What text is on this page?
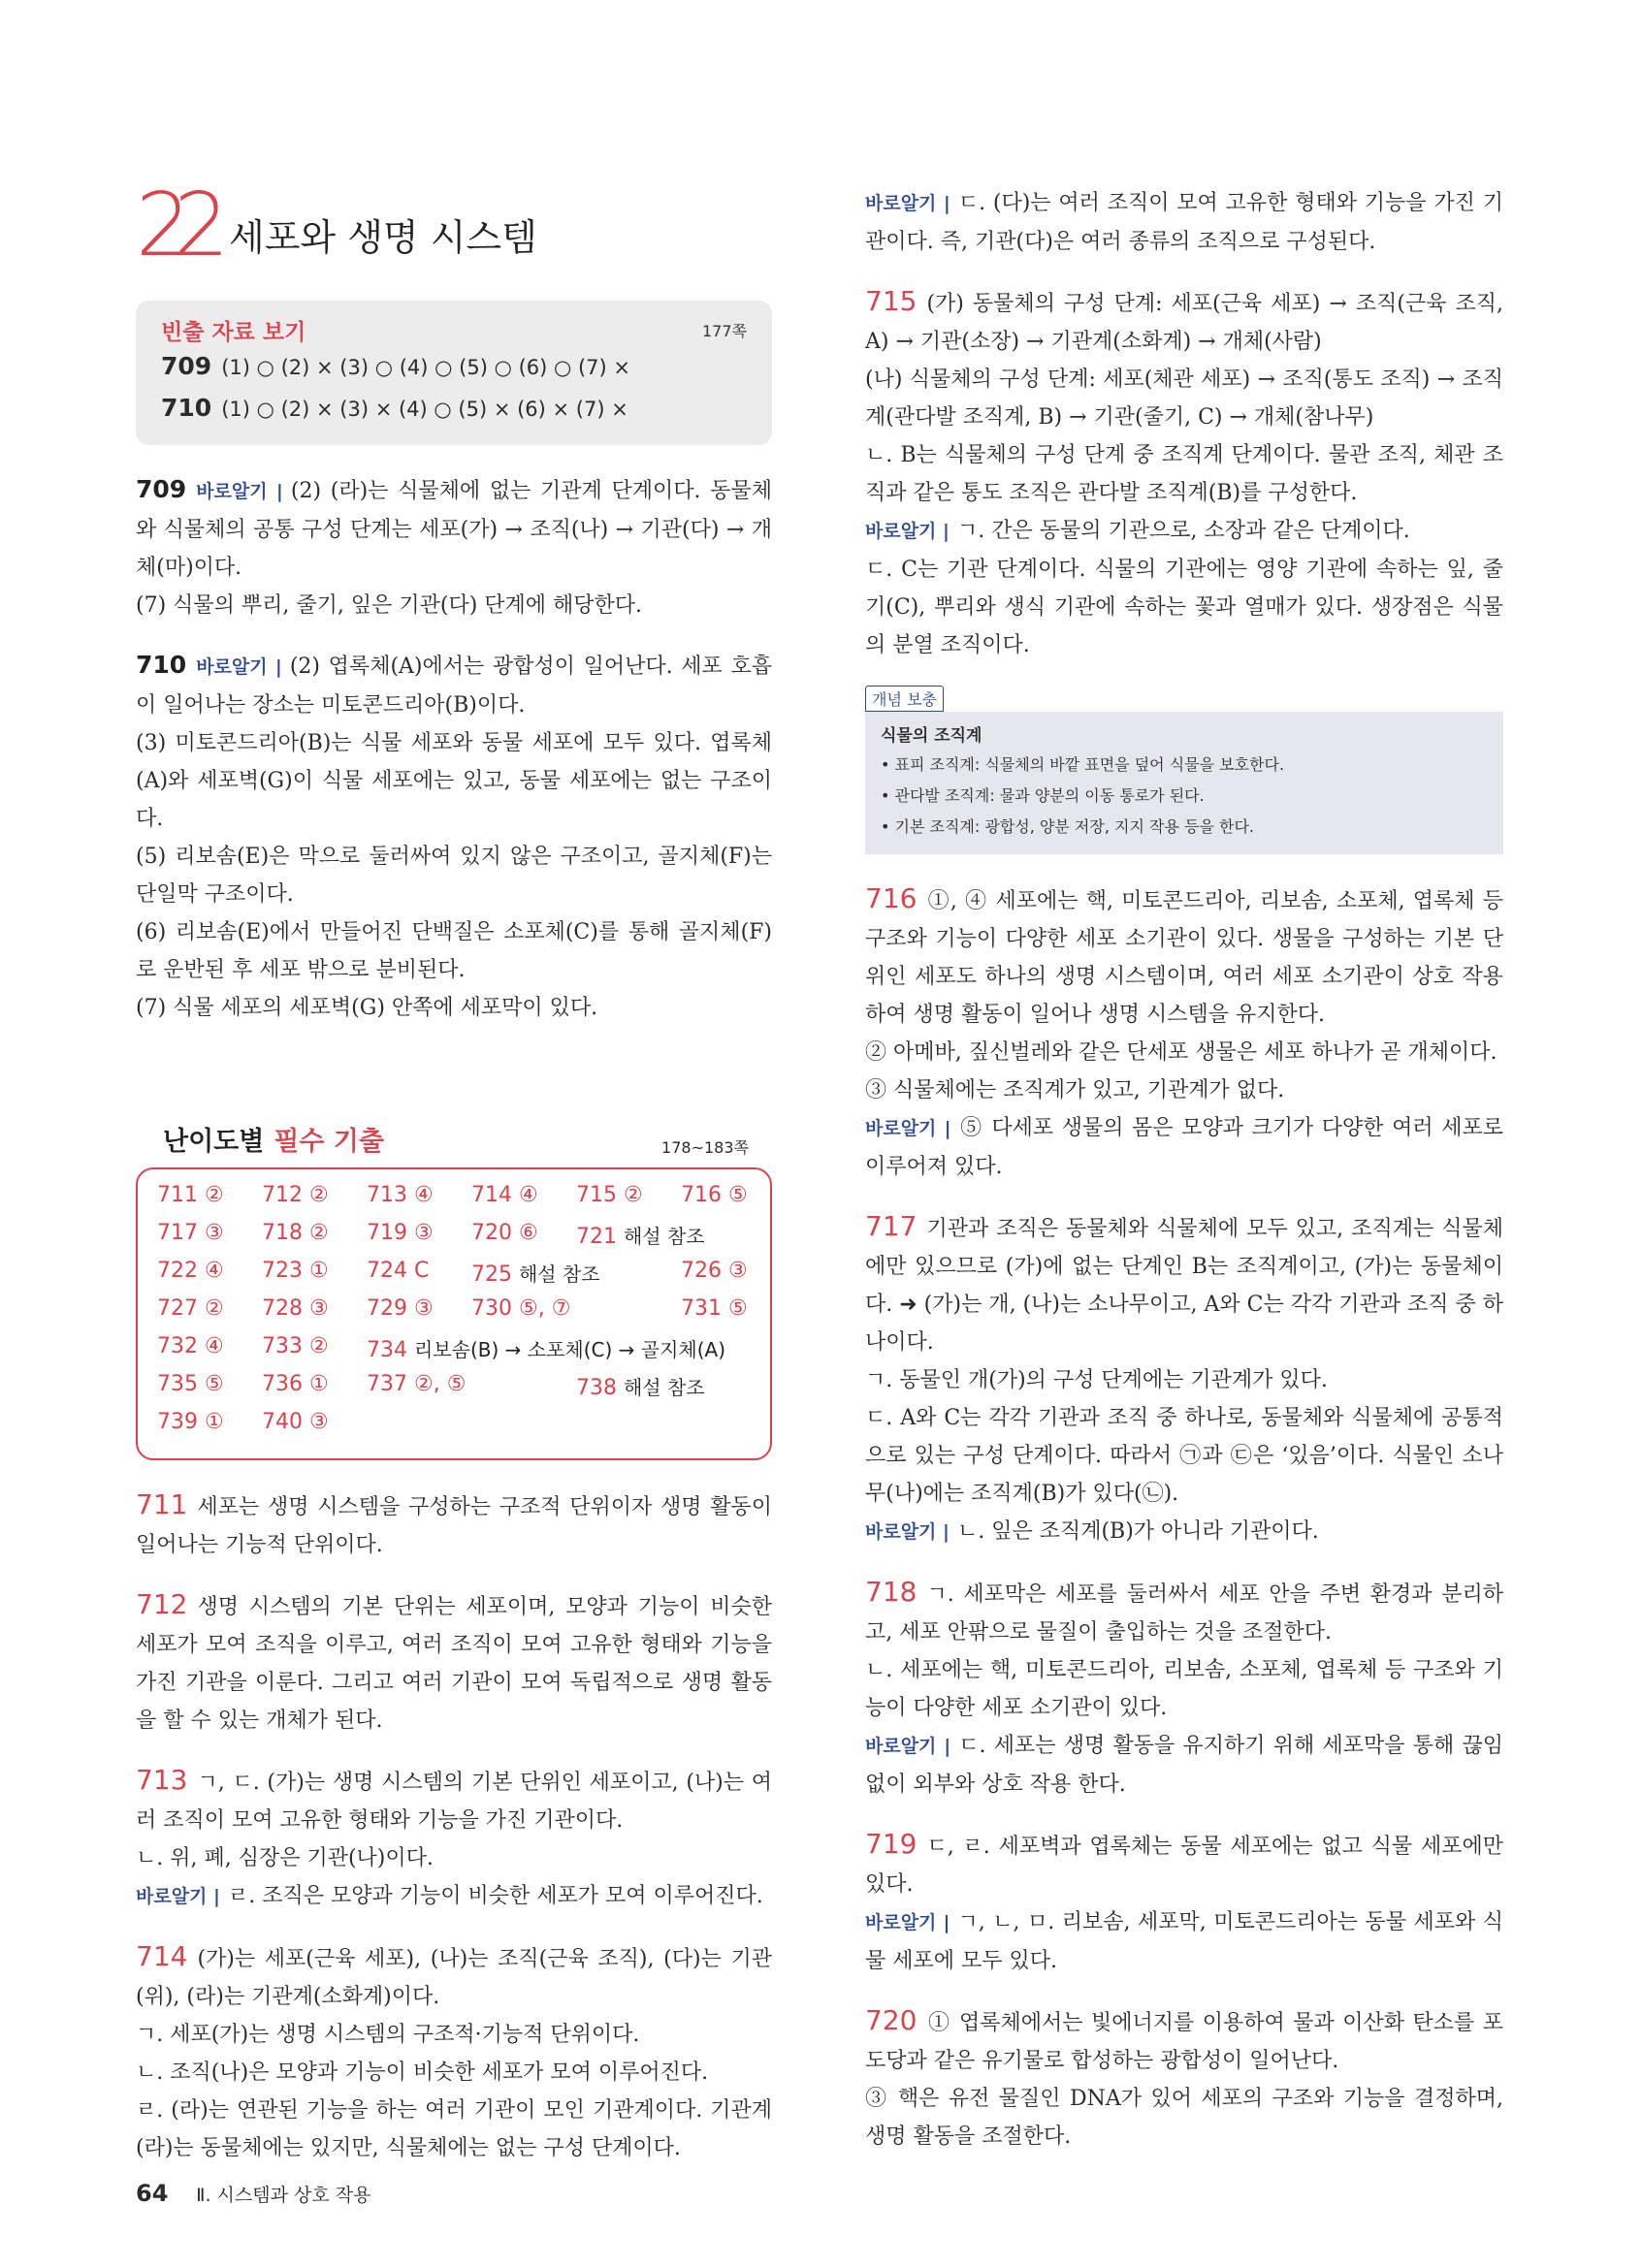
22 세포와 생명 시스템
빈출 자료 보기	177쪽
709 (1) ○ (2) × (3) ○ (4) ○ (5) ○ (6) ○ (7) ×
710 (1) ○ (2) × (3) × (4) ○ (5) × (6) × (7) ×
709 바로알기 | (2) (라)는 식물체에 없는 기관계 단계이다. 동물체와 식물체의 공통 구성 단계는 세포(가) → 조직(나) → 기관(다) → 개체(마)이다.

(7) 식물의 뿌리, 줄기, 잎은 기관(다) 단계에 해당한다.

710 바로알기 | (2) 엽록체(A)에서는 광합성이 일어난다. 세포 호흡이 일어나는 장소는 미토콘드리아(B)이다.

(3) 미토콘드리아(B)는 식물 세포와 동물 세포에 모두 있다. 엽록체(A)와 세포벽(G)이 식물 세포에는 있고, 동물 세포에는 없는 구조이다.

(5) 리보솜(E)은 막으로 둘러싸여 있지 않은 구조이고, 골지체(F)는 단일막 구조이다.

(6) 리보솜(E)에서 만들어진 단백질은 소포체(C)를 통해 골지체(F)로 운반된 후 세포 밖으로 분비된다.

(7) 식물 세포의 세포벽(G) 안쪽에 세포막이 있다.

난이도별 필수 기출	178~183쪽
711 ② 712 ② 713 ④ 714 ④ 715 ② 716 ⑤
717 ③ 718 ② 719 ③ 720 ⑥ 721 해설 참조
722 ④ 723 ① 724 C 725 해설 참조	726 ③
727 ② 728 ③ 729 ③ 730 ⑤, ⑦	731 ⑤
732 ④ 733 ② 734 리보솜(B) → 소포체(C) → 골지체(A)
735 ⑤ 736 ① 737 ②, ⑤	738 해설 참조
739 ① 740 ③
711 세포는 생명 시스템을 구성하는 구조적 단위이자 생명 활동이 일어나는 기능적 단위이다.
712 생명 시스템의 기본 단위는 세포이며, 모양과 기능이 비슷한 세포가 모여 조직을 이루고, 여러 조직이 모여 고유한 형태와 기능을 가진 기관을 이룬다. 그리고 여러 기관이 모여 독립적으로 생명 활동을 할 수 있는 개체가 된다.
713 ㄱ, ㄷ. (가)는 생명 시스템의 기본 단위인 세포이고, (나)는 여러 조직이 모여 고유한 형태와 기능을 가진 기관이다.

ㄴ. 위, 폐, 심장은 기관(나)이다.

바로알기 | ㄹ. 조직은 모양과 기능이 비슷한 세포가 모여 이루어진다.

714 (가)는 세포(근육 세포), (나)는 조직(근육 조직), (다)는 기관(위), (라)는 기관계(소화계)이다.

ㄱ. 세포(가)는 생명 시스템의 구조적·기능적 단위이다.

ㄴ. 조직(나)은 모양과 기능이 비슷한 세포가 모여 이루어진다.

ㄹ. (라)는 연관된 기능을 하는 여러 기관이 모인 기관계이다. 기관계(라)는 동물체에는 있지만, 식물체에는 없는 구성 단계이다.

바로알기 | ㄷ. (다)는 여러 조직이 모여 고유한 형태와 기능을 가진 기관이다. 즉, 기관(다)은 여러 종류의 조직으로 구성된다.
715 (가) 동물체의 구성 단계: 세포(근육 세포) → 조직(근육 조직, A) → 기관(소장) → 기관계(소화계) → 개체(사람)

(나) 식물체의 구성 단계: 세포(체관 세포) → 조직(통도 조직) → 조직계(관다발 조직계, B) → 기관(줄기, C) → 개체(참나무)

ㄴ. B는 식물체의 구성 단계 중 조직계 단계이다. 물관 조직, 체관 조직과 같은 통도 조직은 관다발 조직계(B)를 구성한다.

바로알기 | ㄱ. 간은 동물의 기관으로, 소장과 같은 단계이다.

ㄷ. C는 기관 단계이다. 식물의 기관에는 영양 기관에 속하는 잎, 줄기(C), 뿌리와 생식 기관에 속하는 꽃과 열매가 있다. 생장점은 식물의 분열 조직이다.

개념 보충
식물의 조직계
• 표피 조직계: 식물체의 바깥 표면을 덮어 식물을 보호한다.
• 관다발 조직계: 물과 양분의 이동 통로가 된다.
• 기본 조직계: 광합성, 양분 저장, 지지 작용 등을 한다.
716 ①, ④ 세포에는 핵, 미토콘드리아, 리보솜, 소포체, 엽록체 등 구조와 기능이 다양한 세포 소기관이 있다. 생물을 구성하는 기본 단위인 세포도 하나의 생명 시스템이며, 여러 세포 소기관이 상호 작용하여 생명 활동이 일어나 생명 시스템을 유지한다.

② 아메바, 짚신벌레와 같은 단세포 생물은 세포 하나가 곧 개체이다.

③ 식물체에는 조직계가 있고, 기관계가 없다.

바로알기 | ⑤ 다세포 생물의 몸은 모양과 크기가 다양한 여러 세포로 이루어져 있다.

717 기관과 조직은 동물체와 식물체에 모두 있고, 조직계는 식물체에만 있으므로 (가)에 없는 단계인 B는 조직계이고, (가)는 동물체이다. ➜ (가)는 개, (나)는 소나무이고, A와 C는 각각 기관과 조직 중 하나이다.

ㄱ. 동물인 개(가)의 구성 단계에는 기관계가 있다.

ㄷ. A와 C는 각각 기관과 조직 중 하나로, 동물체와 식물체에 공통적으로 있는 구성 단계이다. 따라서 ㉠과 ㉢은 ‘있음’이다. 식물인 소나무(나)에는 조직계(B)가 있다(㉡).

바로알기 | ㄴ. 잎은 조직계(B)가 아니라 기관이다.

718 ㄱ. 세포막은 세포를 둘러싸서 세포 안을 주변 환경과 분리하고, 세포 안팎으로 물질이 출입하는 것을 조절한다.

ㄴ. 세포에는 핵, 미토콘드리아, 리보솜, 소포체, 엽록체 등 구조와 기능이 다양한 세포 소기관이 있다.

바로알기 | ㄷ. 세포는 생명 활동을 유지하기 위해 세포막을 통해 끊임없이 외부와 상호 작용 한다.

719 ㄷ, ㄹ. 세포벽과 엽록체는 동물 세포에는 없고 식물 세포에만 있다.

바로알기 | ㄱ, ㄴ, ㅁ. 리보솜, 세포막, 미토콘드리아는 동물 세포와 식물 세포에 모두 있다.

720 ① 엽록체에서는 빛에너지를 이용하여 물과 이산화 탄소를 포도당과 같은 유기물로 합성하는 광합성이 일어난다.

③ 핵은 유전 물질인 DNA가 있어 세포의 구조와 기능을 결정하며, 생명 활동을 조절한다.

64 Ⅱ. 시스템과 상호 작용
